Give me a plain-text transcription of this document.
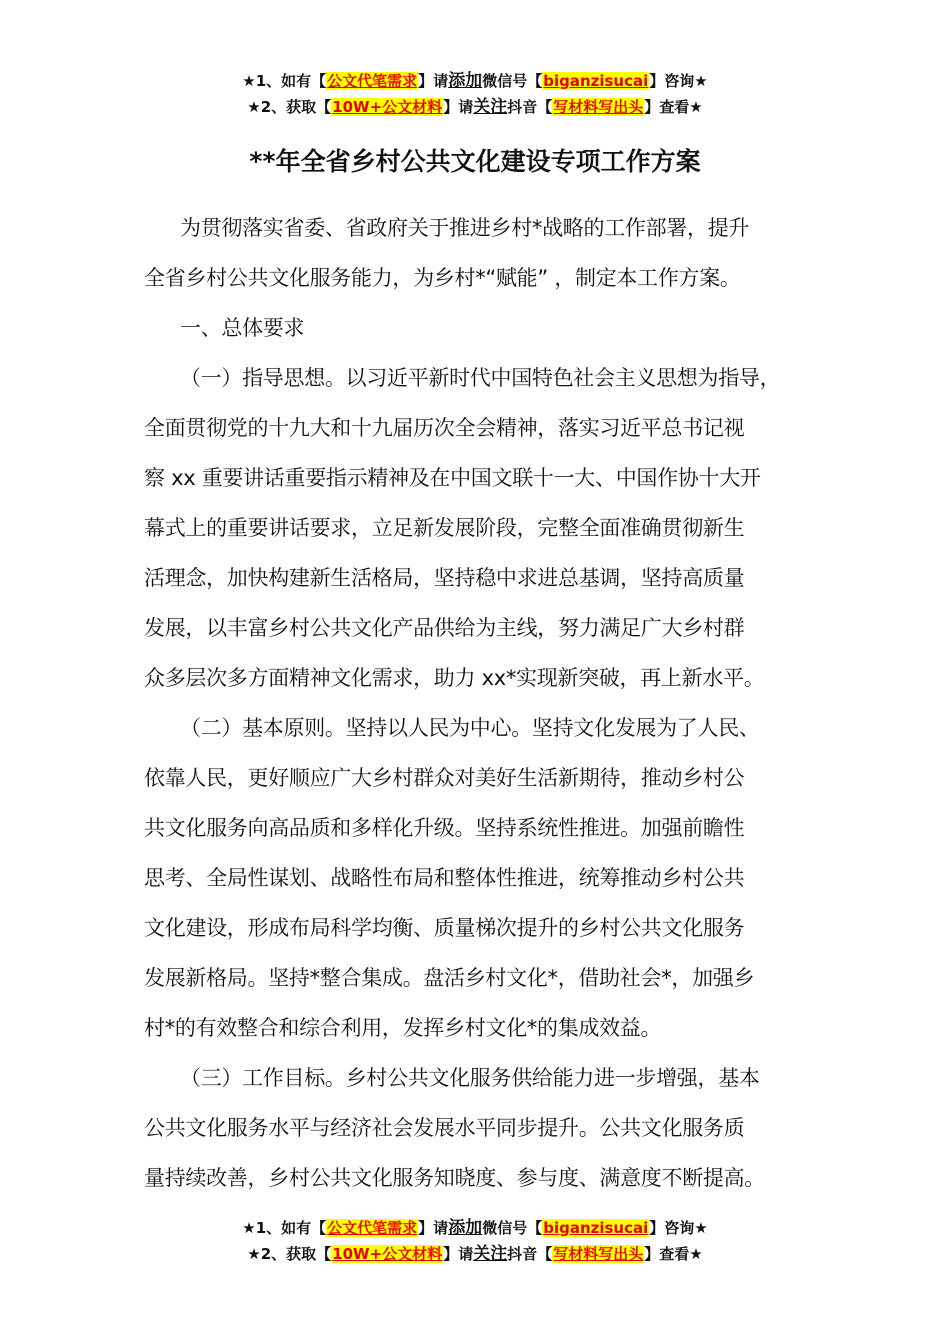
★1、如有【公文代笔需求】请添加微信号【biganzisucai】咨询★
★2、获取【10W+公文材料】请关注抖音【写材料写出头】查看★
**年全省乡村公共文化建设专项工作方案
为贯彻落实省委、省政府关于推进乡村*战略的工作部署，提升
全省乡村公共文化服务能力，为乡村*“赋能” ，制定本工作方案。
一、总体要求
（一）指导思想。以习近平新时代中国特色社会主义思想为指导，
全面贯彻党的十九大和十九届历次全会精神，落实习近平总书记视
察 xx 重要讲话重要指示精神及在中国文联十一大、中国作协十大开
幕式上的重要讲话要求，立足新发展阶段，完整全面准确贯彻新生
活理念，加快构建新生活格局，坚持稳中求进总基调，坚持高质量
发展，以丰富乡村公共文化产品供给为主线，努力满足广大乡村群
众多层次多方面精神文化需求，助力 xx*实现新突破，再上新水平。
（二）基本原则。坚持以人民为中心。坚持文化发展为了人民、
依靠人民，更好顺应广大乡村群众对美好生活新期待，推动乡村公
共文化服务向高品质和多样化升级。坚持系统性推进。加强前瞻性
思考、全局性谋划、战略性布局和整体性推进，统筹推动乡村公共
文化建设，形成布局科学均衡、质量梯次提升的乡村公共文化服务
发展新格局。坚持*整合集成。盘活乡村文化*，借助社会*，加强乡
村*的有效整合和综合利用，发挥乡村文化*的集成效益。
（三）工作目标。乡村公共文化服务供给能力进一步增强，基本
公共文化服务水平与经济社会发展水平同步提升。公共文化服务质
量持续改善，乡村公共文化服务知晓度、参与度、满意度不断提高。
★1、如有【公文代笔需求】请添加微信号【biganzisucai】咨询★
★2、获取【10W+公文材料】请关注抖音【写材料写出头】查看★
